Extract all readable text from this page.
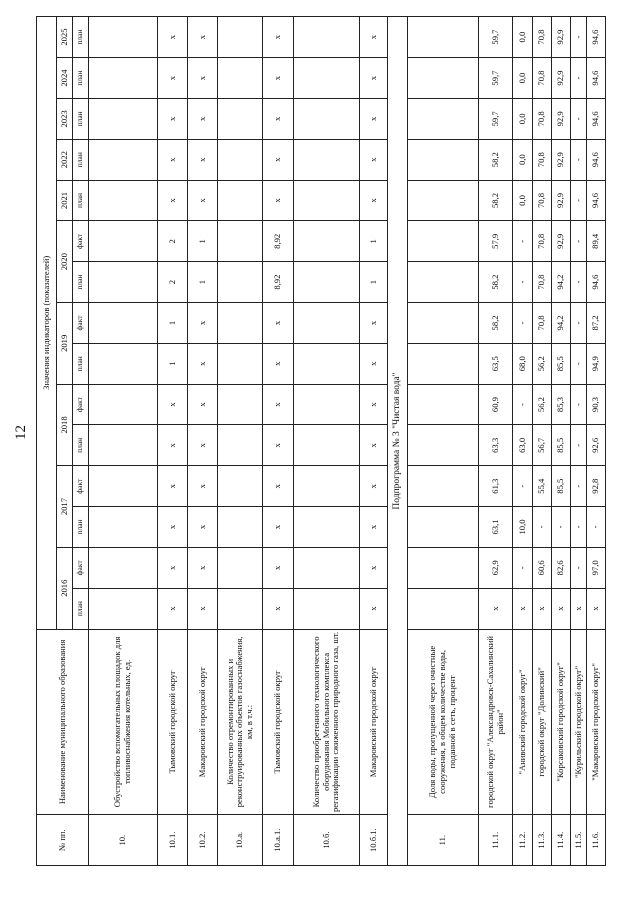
12
№ пп.	Наименование муниципального образования	Значения индикаторов (показателей)														
		2016		2017		2018		2019		2020		2021	2022	2023	2024	2025
		план	факт	план	факт	план	факт	план	факт	план	факт	план	план	план	план	план
10.	Обустройство вспомогательных площадок для топливоснабжения котельных, ед.															
10.1.	Тымовский городской округ	х	х	х	х	х	х	1	1	2	2	х	х	х	х	х
10.2.	Макаровский городской округ	х	х	х	х	х	х	х	х	1	1	х	х	х	х	х
10.а.	Количество отремонтированных и реконструированных объектов газоснабжения, км, в т.ч.:															
10.а.1.	Тымовский городской округ	х	х	х	х	х	х	х	х	8,92	8,92	х	х	х	х	х
10.б.	Количество приобретенного технологического оборудования Мобильного комплекса регазификации сжиженного природного газа, шт.															
10.б.1.	Макаровский городской округ	х	х	х	х	х	х	х	х	1	1	х	х	х	х	х
Подпрограмма № 3 "Чистая вода"																
11.	Доля воды, пропущенной через очистные сооружения, в общем количестве воды, поданной в сеть, процент															
11.1.	городской округ "Александровск-Сахалинский район"	х	62,9	63,1	61,3	63,3	60,9	63,5	58,2	58,2	57,9	58,2	58,2	59,7	59,7	59,7
11.2.	"Анивский городской округ"	х	-	10,0	-	63,0	-	68,0	-	-	-	0,0	0,0	0,0	0,0	0,0
11.3.	городской округ "Долинский"	х	60,6	-	55,4	56,7	56,2	56,2	70,8	70,8	70,8	70,8	70,8	70,8	70,8	70,8
11.4.	"Корсаковский городской округ"	х	82,6	-	85,5	85,5	85,3	85,5	94,2	94,2	92,9	92,9	92,9	92,9	92,9	92,9
11.5.	"Курильский городской округ"	х	-	-	-	-	-	-	-	-	-	-	-	-	-	-
11.6.	"Макаровский городской округ"	х	97,0	-	92,8	92,6	90,3	94,9	87,2	94,6	89,4	94,6	94,6	94,6	94,6	94,6
